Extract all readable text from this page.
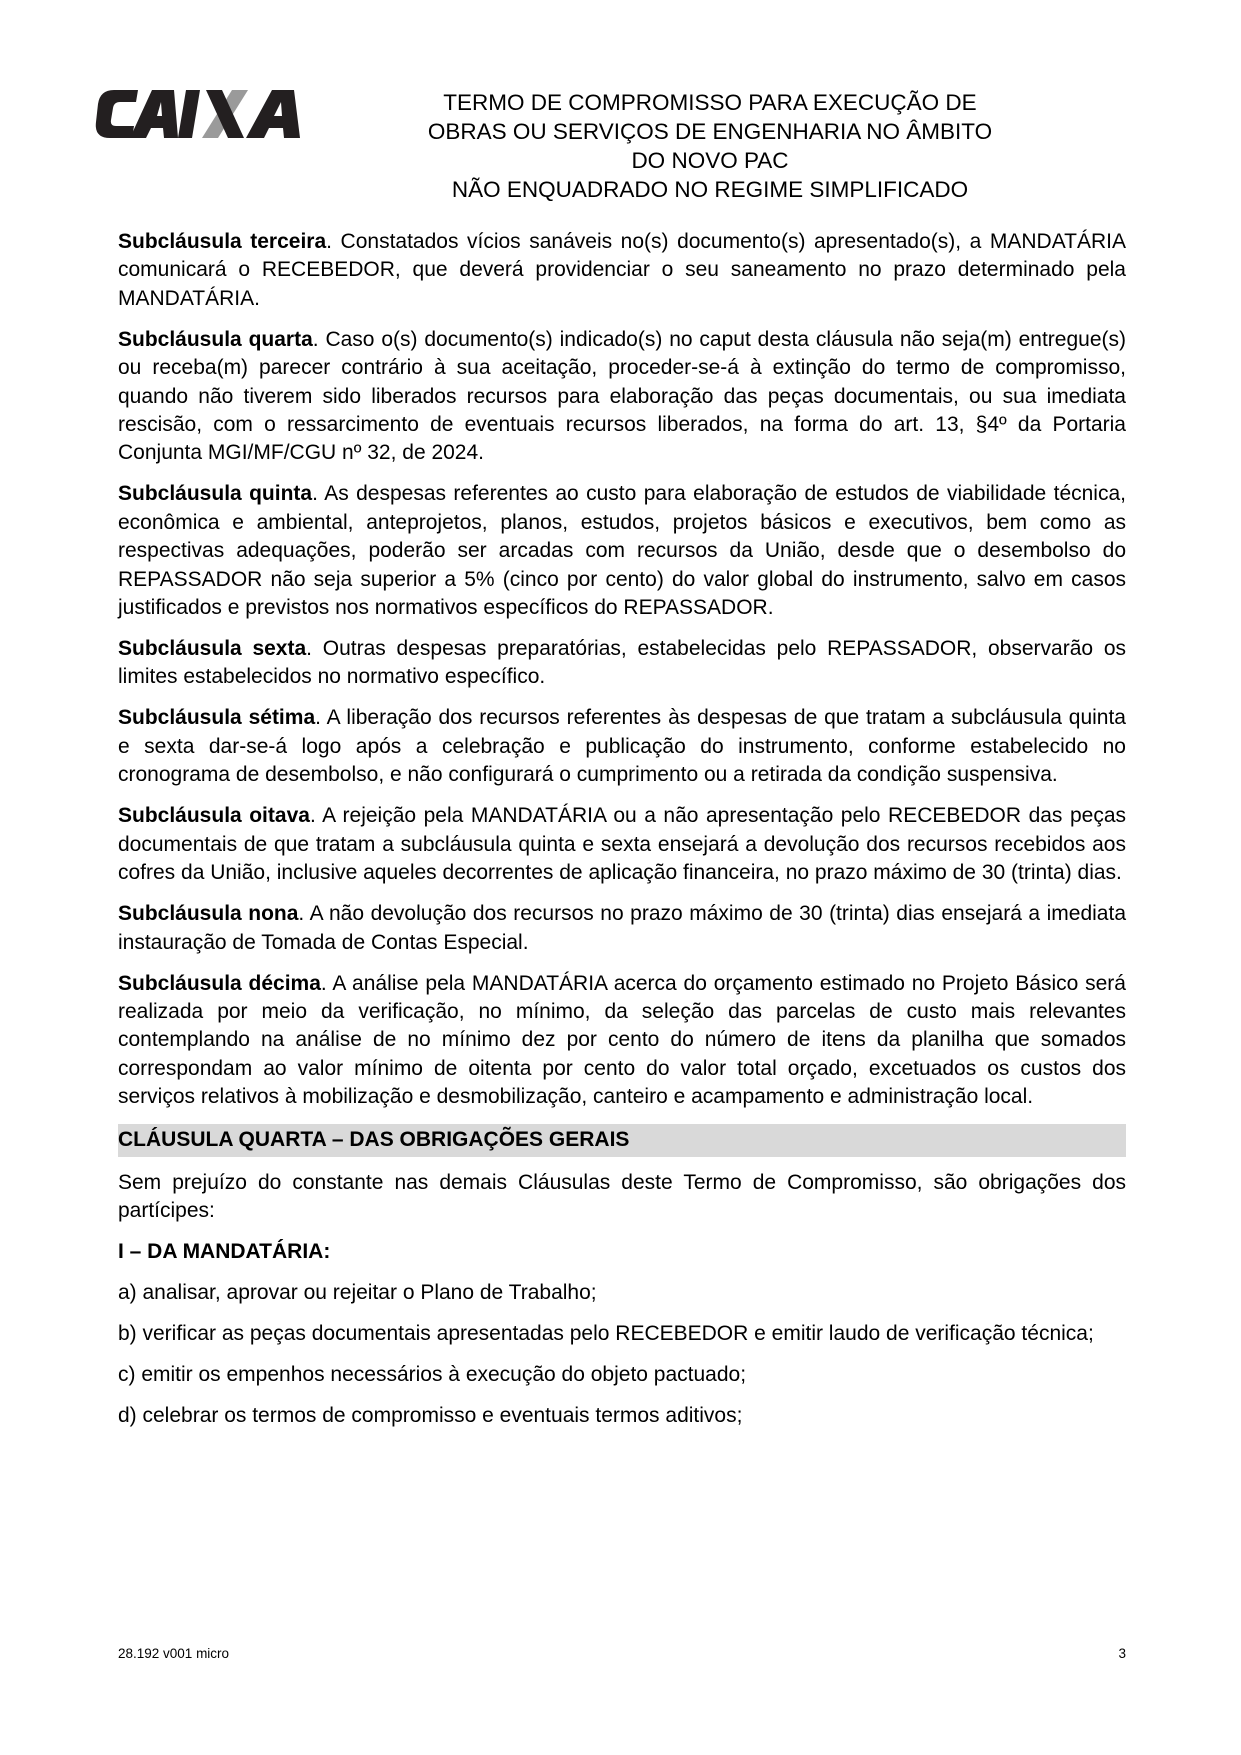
TERMO DE COMPROMISSO PARA EXECUÇÃO DE
OBRAS OU SERVIÇOS DE ENGENHARIA NO ÂMBITO
DO NOVO PAC
NÃO ENQUADRADO NO REGIME SIMPLIFICADO

Subcláusula terceira. Constatados vícios sanáveis no(s) documento(s) apresentado(s), a MANDATÁRIA comunicará o RECEBEDOR, que deverá providenciar o seu saneamento no prazo determinado pela MANDATÁRIA.

Subcláusula quarta. Caso o(s) documento(s) indicado(s) no caput desta cláusula não seja(m) entregue(s) ou receba(m) parecer contrário à sua aceitação, proceder-se-á à extinção do termo de compromisso, quando não tiverem sido liberados recursos para elaboração das peças documentais, ou sua imediata rescisão, com o ressarcimento de eventuais recursos liberados, na forma do art. 13, §4º da Portaria Conjunta MGI/MF/CGU nº 32, de 2024.

Subcláusula quinta. As despesas referentes ao custo para elaboração de estudos de viabilidade técnica, econômica e ambiental, anteprojetos, planos, estudos, projetos básicos e executivos, bem como as respectivas adequações, poderão ser arcadas com recursos da União, desde que o desembolso do REPASSADOR não seja superior a 5% (cinco por cento) do valor global do instrumento, salvo em casos justificados e previstos nos normativos específicos do REPASSADOR.

Subcláusula sexta. Outras despesas preparatórias, estabelecidas pelo REPASSADOR, observarão os limites estabelecidos no normativo específico.

Subcláusula sétima. A liberação dos recursos referentes às despesas de que tratam a subcláusula quinta e sexta dar-se-á logo após a celebração e publicação do instrumento, conforme estabelecido no cronograma de desembolso, e não configurará o cumprimento ou a retirada da condição suspensiva.

Subcláusula oitava. A rejeição pela MANDATÁRIA ou a não apresentação pelo RECEBEDOR das peças documentais de que tratam a subcláusula quinta e sexta ensejará a devolução dos recursos recebidos aos cofres da União, inclusive aqueles decorrentes de aplicação financeira, no prazo máximo de 30 (trinta) dias.

Subcláusula nona. A não devolução dos recursos no prazo máximo de 30 (trinta) dias ensejará a imediata instauração de Tomada de Contas Especial.

Subcláusula décima. A análise pela MANDATÁRIA acerca do orçamento estimado no Projeto Básico será realizada por meio da verificação, no mínimo, da seleção das parcelas de custo mais relevantes contemplando na análise de no mínimo dez por cento do número de itens da planilha que somados correspondam ao valor mínimo de oitenta por cento do valor total orçado, excetuados os custos dos serviços relativos à mobilização e desmobilização, canteiro e acampamento e administração local.

CLÁUSULA QUARTA – DAS OBRIGAÇÕES GERAIS

Sem prejuízo do constante nas demais Cláusulas deste Termo de Compromisso, são obrigações dos partícipes:

I – DA MANDATÁRIA:

a) analisar, aprovar ou rejeitar o Plano de Trabalho;

b) verificar as peças documentais apresentadas pelo RECEBEDOR e emitir laudo de verificação técnica;

c) emitir os empenhos necessários à execução do objeto pactuado;

d) celebrar os termos de compromisso e eventuais termos aditivos;

28.192 v001 micro	3
